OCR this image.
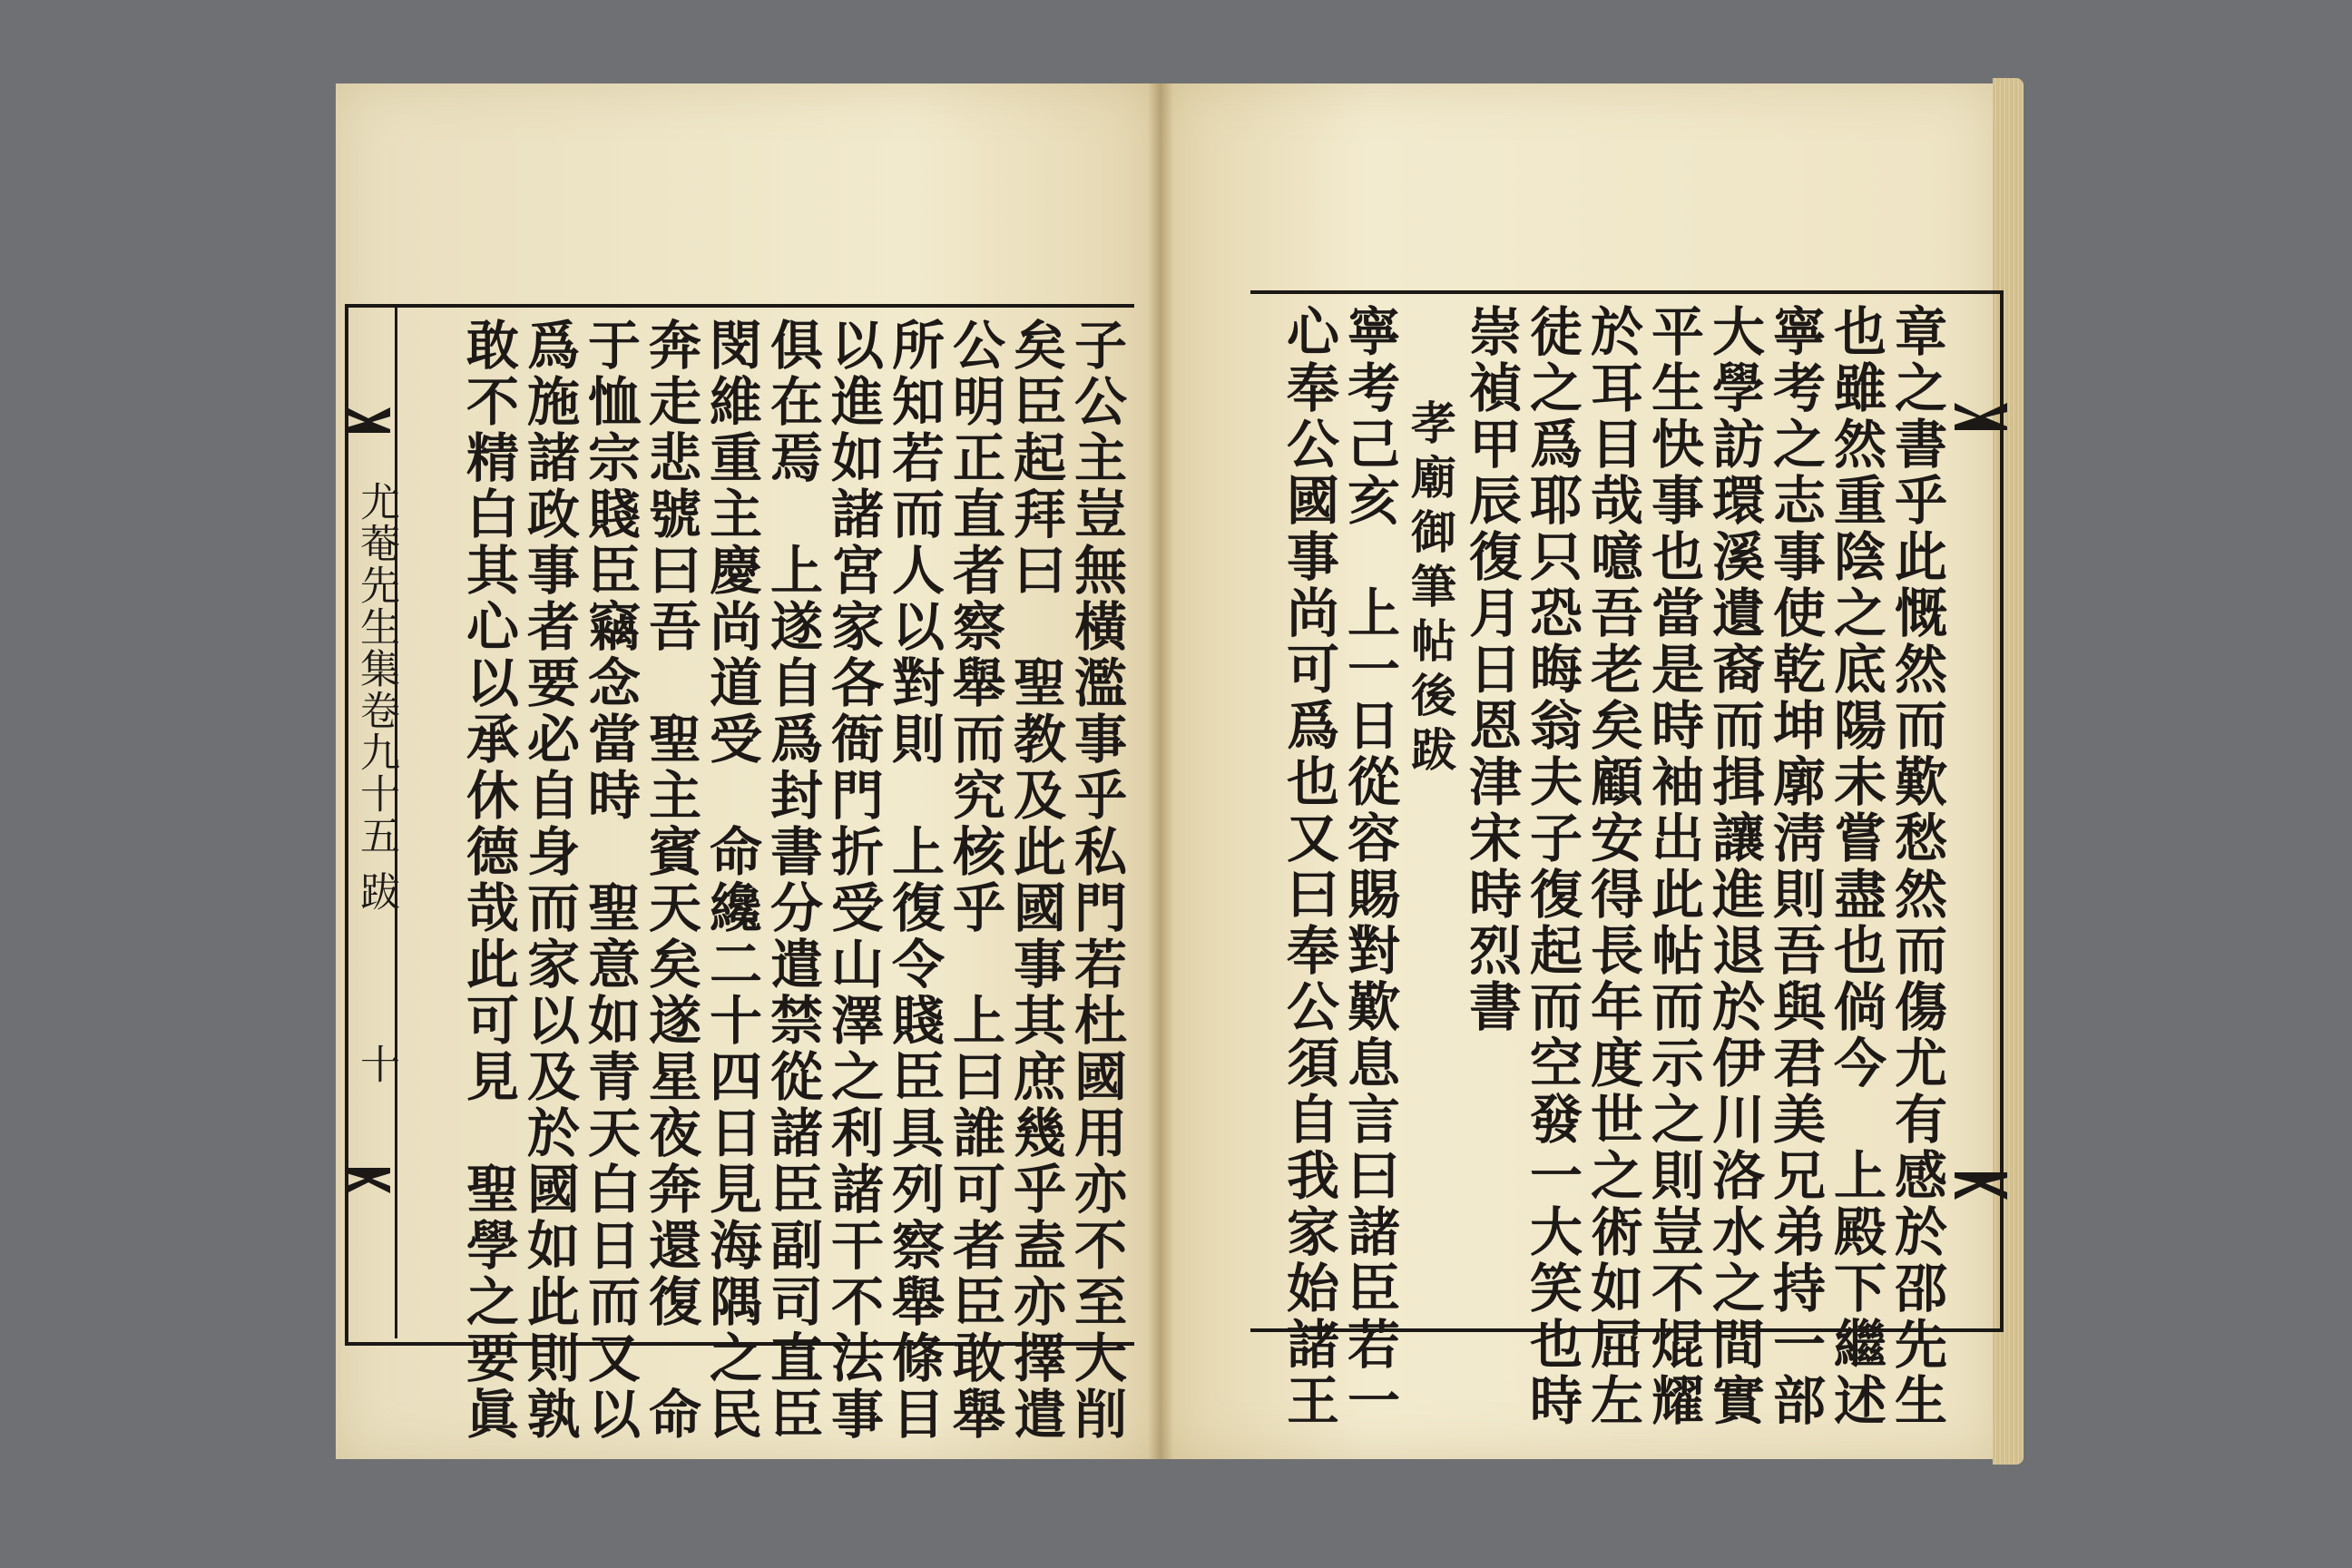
尤菴先生集卷九十五
跋
十	子公主豈無橫濫事乎私門若杜國用亦不至大削
矣臣起拜曰　聖教及此國事其庶幾乎盍亦擇遣
公明正直者察舉而究核乎　上曰誰可者臣敢舉
所知若而人以對則　上復令賤臣具列察舉條目
以進如諸宮家各衙門折受山澤之利諸干不法事
俱在焉　上遂自爲封書分遣禁從諸臣副司直臣
閔維重主慶尚道受　命纔二十四日見海隅之民
奔走悲號曰吾　聖主賓天矣遂星夜奔還復　命
于恤宗賤臣竊念當時　聖意如青天白日而又以
爲施諸政事者要必自身而家以及於國如此則孰
敢不精白其心以承休德哉此可見　聖學之要眞	章之書乎此慨然而歎愁然而傷尤有感於邵先生
也雖然重陰之底陽未嘗盡也倘今　上殿下繼述
寧考之志事使乾坤廓淸則吾與君美兄弟持一部
大學訪環溪遺裔而揖讓進退於伊川洛水之間實
平生快事也當是時袖出此帖而示之則豈不焜耀
於耳目哉噫吾老矣顧安得長年度世之術如屈左
徒之爲耶只恐晦翁夫子復起而空發一大笑也時
崇禎甲辰復月日恩津宋時烈書
孝廟御筆帖後跋
寧考己亥　上一日從容賜對歎息言曰諸臣若一
心奉公國事尚可爲也又曰奉公須自我家始諸王
